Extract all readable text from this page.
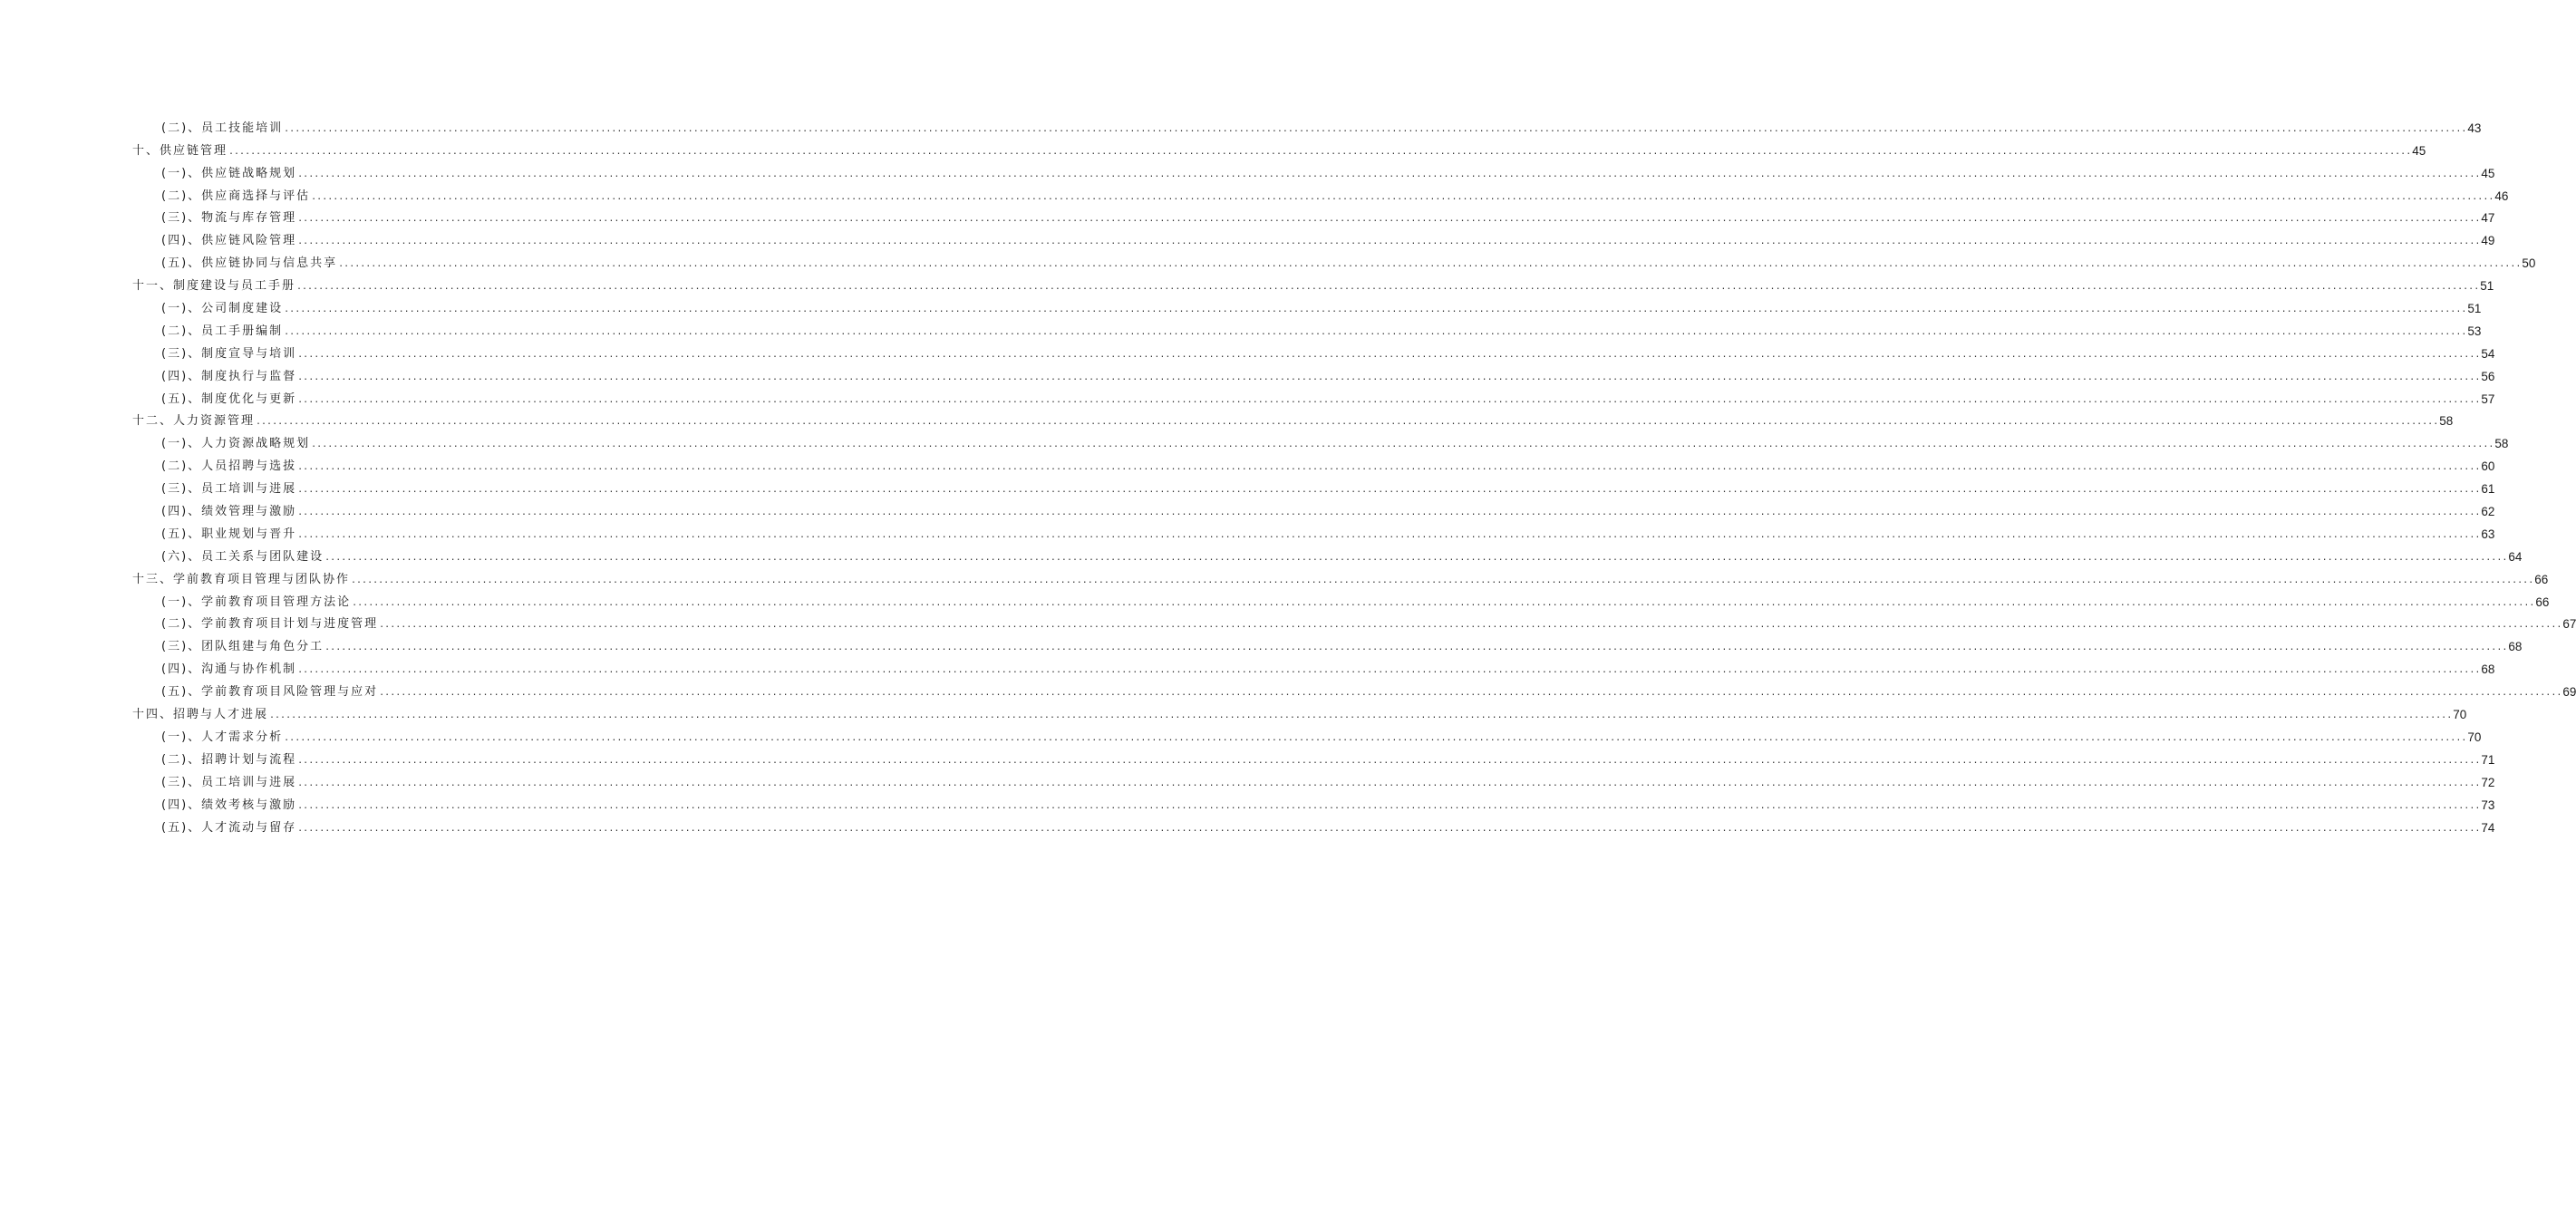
(二)、员工技能培训 ................................................................................................................................................................................................................................................................................................................................................................................................................ 43
十、供应链管理 ................................................................................................................................................................................................................................................................................................................................................................................................................ 45
(一)、供应链战略规划 ................................................................................................................................................................................................................................................................................................................................................................................................................ 45
(二)、供应商选择与评估 ................................................................................................................................................................................................................................................................................................................................................................................................................ 46
(三)、物流与库存管理 ................................................................................................................................................................................................................................................................................................................................................................................................................ 47
(四)、供应链风险管理 ................................................................................................................................................................................................................................................................................................................................................................................................................ 49
(五)、供应链协同与信息共享 ................................................................................................................................................................................................................................................................................................................................................................................................................ 50
十一、制度建设与员工手册 ................................................................................................................................................................................................................................................................................................................................................................................................................ 51
(一)、公司制度建设 ................................................................................................................................................................................................................................................................................................................................................................................................................ 51
(二)、员工手册编制 ................................................................................................................................................................................................................................................................................................................................................................................................................ 53
(三)、制度宣导与培训 ................................................................................................................................................................................................................................................................................................................................................................................................................ 54
(四)、制度执行与监督 ................................................................................................................................................................................................................................................................................................................................................................................................................ 56
(五)、制度优化与更新 ................................................................................................................................................................................................................................................................................................................................................................................................................ 57
十二、人力资源管理 ................................................................................................................................................................................................................................................................................................................................................................................................................ 58
(一)、人力资源战略规划 ................................................................................................................................................................................................................................................................................................................................................................................................................ 58
(二)、人员招聘与选拔 ................................................................................................................................................................................................................................................................................................................................................................................................................ 60
(三)、员工培训与进展 ................................................................................................................................................................................................................................................................................................................................................................................................................ 61
(四)、绩效管理与激励 ................................................................................................................................................................................................................................................................................................................................................................................................................ 62
(五)、职业规划与晋升 ................................................................................................................................................................................................................................................................................................................................................................................................................ 63
(六)、员工关系与团队建设 ................................................................................................................................................................................................................................................................................................................................................................................................................ 64
十三、学前教育项目管理与团队协作 ................................................................................................................................................................................................................................................................................................................................................................................................................ 66
(一)、学前教育项目管理方法论 ................................................................................................................................................................................................................................................................................................................................................................................................................ 66
(二)、学前教育项目计划与进度管理 ................................................................................................................................................................................................................................................................................................................................................................................................................ 67
(三)、团队组建与角色分工 ................................................................................................................................................................................................................................................................................................................................................................................................................ 68
(四)、沟通与协作机制 ................................................................................................................................................................................................................................................................................................................................................................................................................ 68
(五)、学前教育项目风险管理与应对 ................................................................................................................................................................................................................................................................................................................................................................................................................ 69
十四、招聘与人才进展 ................................................................................................................................................................................................................................................................................................................................................................................................................ 70
(一)、人才需求分析 ................................................................................................................................................................................................................................................................................................................................................................................................................ 70
(二)、招聘计划与流程 ................................................................................................................................................................................................................................................................................................................................................................................................................ 71
(三)、员工培训与进展 ................................................................................................................................................................................................................................................................................................................................................................................................................ 72
(四)、绩效考核与激励 ................................................................................................................................................................................................................................................................................................................................................................................................................ 73
(五)、人才流动与留存 ................................................................................................................................................................................................................................................................................................................................................................................................................ 74
